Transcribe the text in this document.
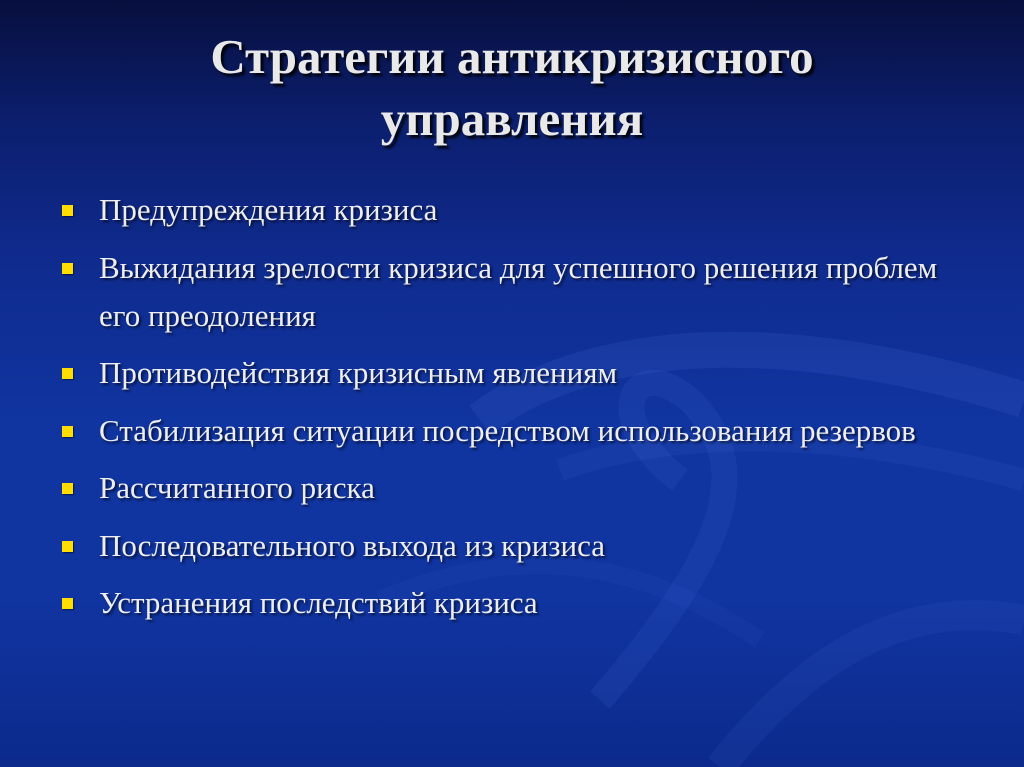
Стратегии антикризисного
управления
Предупреждения кризиса
Выжидания зрелости кризиса для успешного решения проблем его преодоления
Противодействия кризисным явлениям
Стабилизация ситуации посредством использования резервов
Рассчитанного риска
Последовательного выхода из кризиса
Устранения последствий кризиса
